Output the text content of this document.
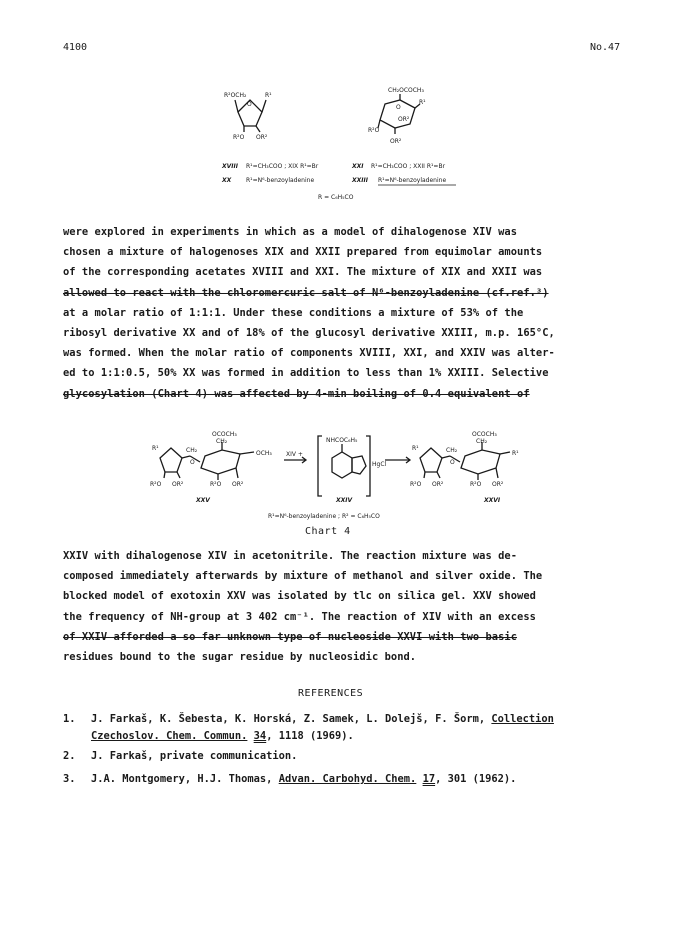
4100	No.47
R²OCH₂	R¹
O
R²O OR²
CH₂OCOCH₃
O
R²O
OR²
R¹
OR²
XVIII R¹=CH₃COO ; XIX R¹=Br
XX R¹=N⁶-benzoyladenine
XXI R¹=CH₃COO ; XXII R¹=Br
XXIII R¹=N⁶-benzoyladenine
R = C₆H₅CO
were explored in experiments in which as a model of dihalogenose XIV was
chosen a mixture of halogenoses XIX and XXII prepared from equimolar amounts
of the corresponding acetates XVIII and XXI. The mixture of XIX and XXII was
allowed to react with the chloromercuric salt of N⁶-benzoyladenine (cf.ref.³)
at a molar ratio of 1:1:1. Under these conditions a mixture of 53% of the
ribosyl derivative XX and of 18% of the glucosyl derivative XXIII, m.p. 165°C,
was formed. When the molar ratio of components XVIII, XXI, and XXIV was alter-
ed to 1:1:0.5, 50% XX was formed in addition to less than 1% XXIII. Selective
glycosylation (Chart 4) was affected by 4-min boiling of 0.4 equivalent of
R¹	CH₂
O
OCOCH₃
CH₂
OCH₃
R²O OR²	R²O OR²
XXV
XIV +
NHCOC₆H₅
HgCl
XXIV
R¹	CH₂
O
OCOCH₃
CH₂
R¹
R²O OR²	R²O OR²
XXVI
R¹=N⁶-benzoyladenine ; R² = C₆H₅CO
Chart 4
XXIV with dihalogenose XIV in acetonitrile. The reaction mixture was de-
composed immediately afterwards by mixture of methanol and silver oxide. The
blocked model of exotoxin XXV was isolated by tlc on silica gel. XXV showed
the frequency of NH-group at 3 402 cm⁻¹. The reaction of XIV with an excess
of XXIV afforded a so far unknown type of nucleoside XXVI with two basic
residues bound to the sugar residue by nucleosidic bond.
REFERENCES
1. J. Farkaš, K. Šebesta, K. Horská, Z. Samek, L. Dolejš, F. Šorm, Collection
Czechoslov. Chem. Commun. 34, 1118 (1969).
2. J. Farkaš, private communication.
3. J.A. Montgomery, H.J. Thomas, Advan. Carbohyd. Chem. 17, 301 (1962).
